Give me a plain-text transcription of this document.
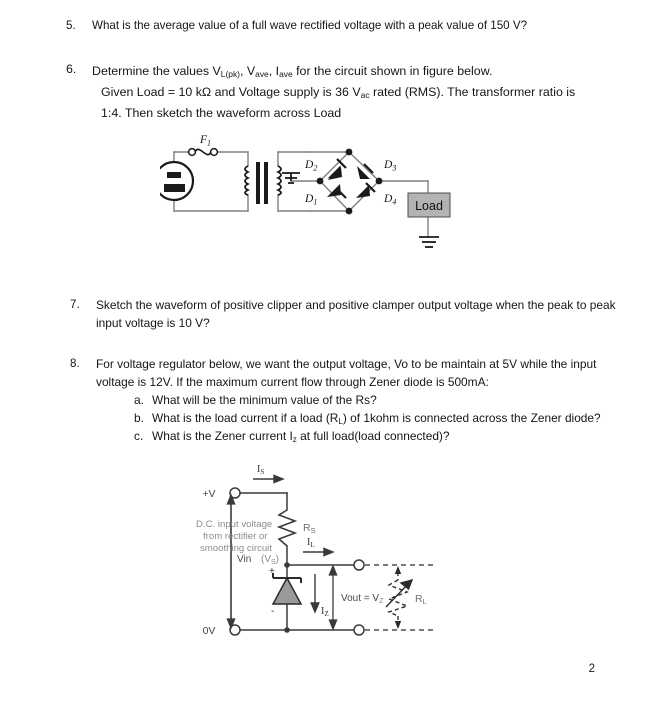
5.	What is the average value of a full wave rectified voltage with a peak value of 150 V?
6.	Determine the values $V_{L(pk)}$, $V_{ave}$, $I_{ave}$ for the circuit shown in figure below.
Given Load = 10 kΩ and Voltage supply is 36 $V_{ac}$ rated (RMS). The transformer ratio is
1:4. Then sketch the waveform across Load
$F_1$
$D_2$	$D_3$
$D_1$	$D_4$ Load
7.	Sketch the waveform of positive clipper and positive clamper output voltage when the peak to peak input voltage is 10 V?
8.	For voltage regulator below, we want the output voltage, Vo to be maintain at 5V while the input voltage is 12V. If the maximum current flow through Zener diode is 500mA:
a. What will be the minimum value of the Rs?
b. What is the load current if a load $(R_L)$ of 1kohm is connected across the Zener diode?
c. What is the Zener current $I_z$ at full load(load connected)?
+V
0V
D.C. input voltage
from rectifier or
smoothing circuit
Vin $(V_S)$
$I_S$
$R_S$
$I_L$
+
-	$I_Z$
Vout = $V_Z$	$R_L$
2
